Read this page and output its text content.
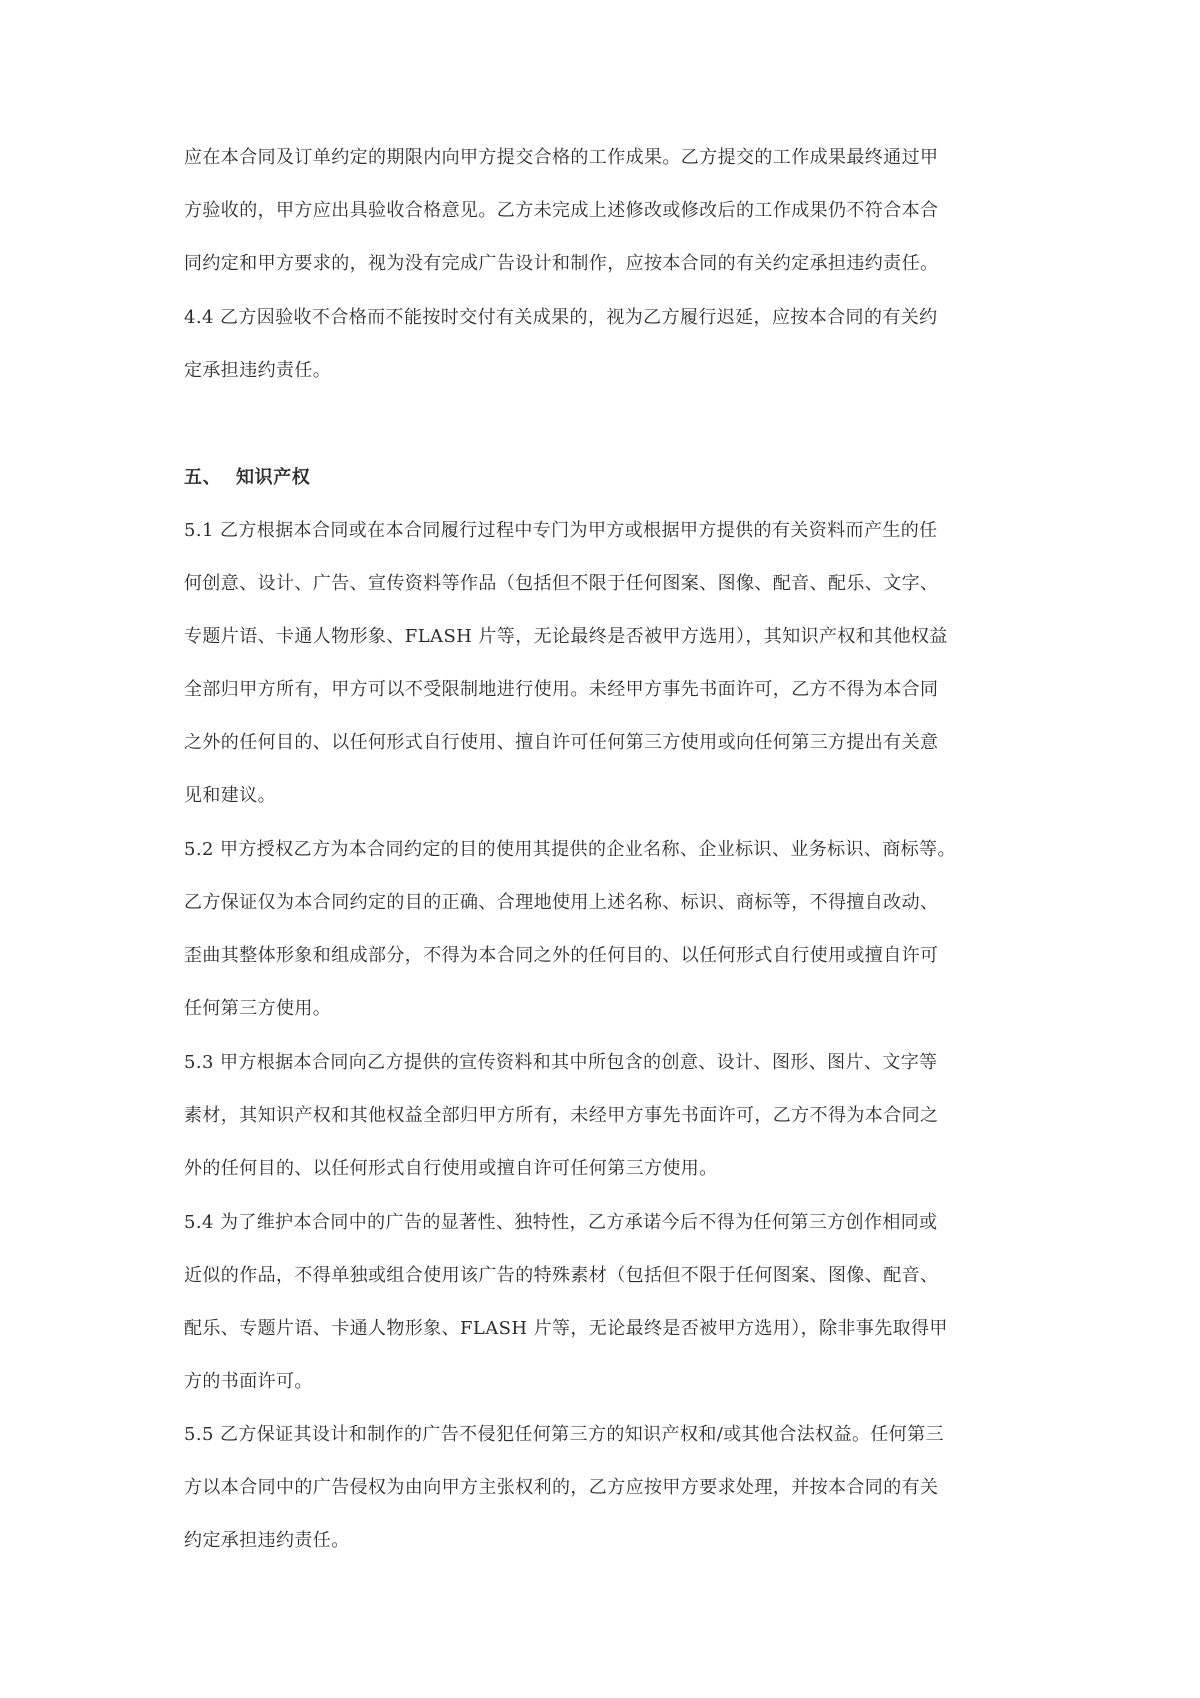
应在本合同及订单约定的期限内向甲方提交合格的工作成果。乙方提交的工作成果最终通过甲
方验收的，甲方应出具验收合格意见。乙方未完成上述修改或修改后的工作成果仍不符合本合
同约定和甲方要求的，视为没有完成广告设计和制作，应按本合同的有关约定承担违约责任。
4.4 乙方因验收不合格而不能按时交付有关成果的，视为乙方履行迟延，应按本合同的有关约
定承担违约责任。
五、 知识产权
5.1 乙方根据本合同或在本合同履行过程中专门为甲方或根据甲方提供的有关资料而产生的任
何创意、设计、广告、宣传资料等作品（包括但不限于任何图案、图像、配音、配乐、文字、
专题片语、卡通人物形象、FLASH 片等，无论最终是否被甲方选用），其知识产权和其他权益
全部归甲方所有，甲方可以不受限制地进行使用。未经甲方事先书面许可，乙方不得为本合同
之外的任何目的、以任何形式自行使用、擅自许可任何第三方使用或向任何第三方提出有关意
见和建议。
5.2 甲方授权乙方为本合同约定的目的使用其提供的企业名称、企业标识、业务标识、商标等。
乙方保证仅为本合同约定的目的正确、合理地使用上述名称、标识、商标等，不得擅自改动、
歪曲其整体形象和组成部分，不得为本合同之外的任何目的、以任何形式自行使用或擅自许可
任何第三方使用。
5.3 甲方根据本合同向乙方提供的宣传资料和其中所包含的创意、设计、图形、图片、文字等
素材，其知识产权和其他权益全部归甲方所有，未经甲方事先书面许可，乙方不得为本合同之
外的任何目的、以任何形式自行使用或擅自许可任何第三方使用。
5.4 为了维护本合同中的广告的显著性、独特性，乙方承诺今后不得为任何第三方创作相同或
近似的作品，不得单独或组合使用该广告的特殊素材（包括但不限于任何图案、图像、配音、
配乐、专题片语、卡通人物形象、FLASH 片等，无论最终是否被甲方选用），除非事先取得甲
方的书面许可。
5.5 乙方保证其设计和制作的广告不侵犯任何第三方的知识产权和/或其他合法权益。任何第三
方以本合同中的广告侵权为由向甲方主张权利的，乙方应按甲方要求处理，并按本合同的有关
约定承担违约责任。
